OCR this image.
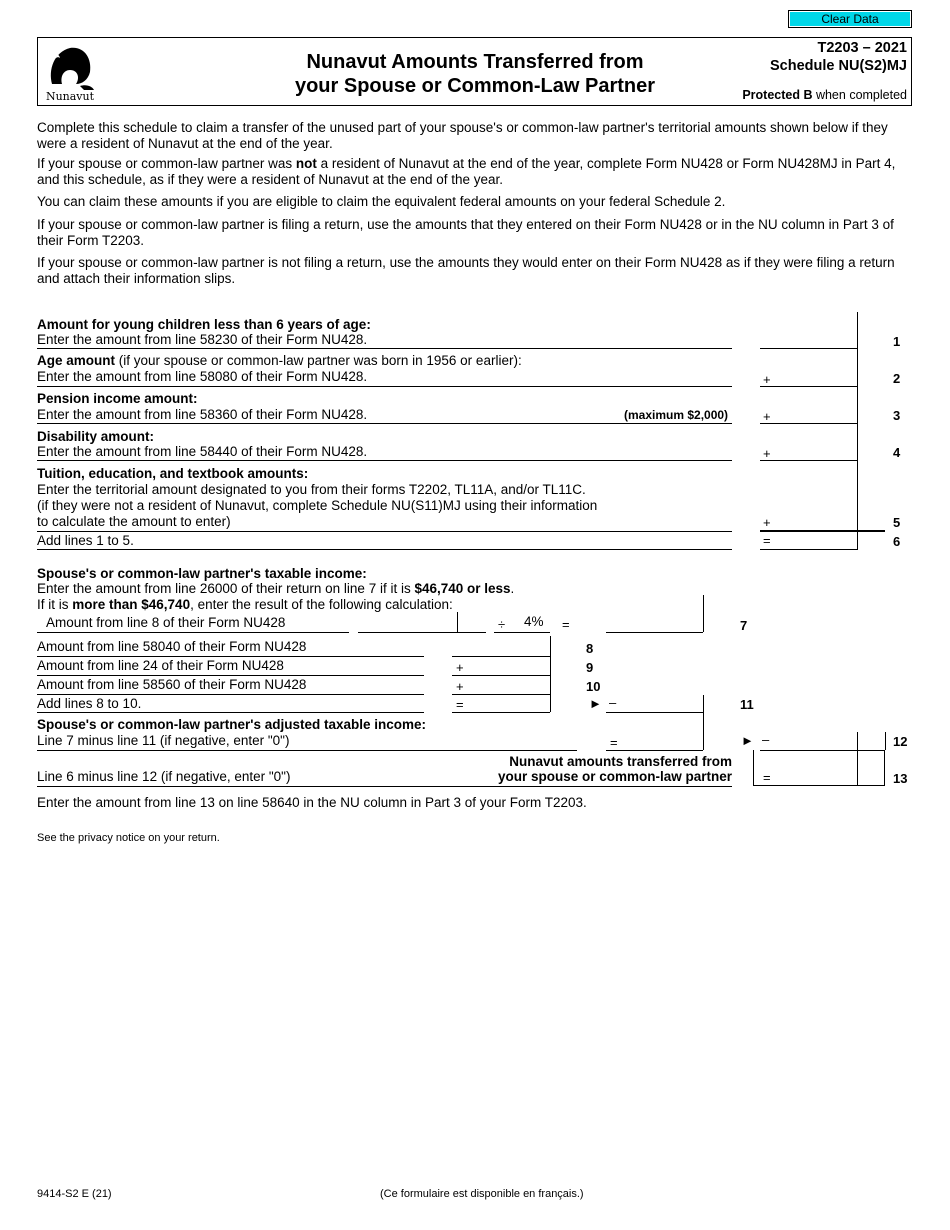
Clear Data
Nunavut
Nunavut Amounts Transferred from
your Spouse or Common-Law Partner
T2203 – 2021
Schedule NU(S2)MJ
Protected B when completed
Complete this schedule to claim a transfer of the unused part of your spouse's or common-law partner's territorial amounts shown below if they were a resident of Nunavut at the end of the year.
If your spouse or common-law partner was not a resident of Nunavut at the end of the year, complete Form NU428 or Form NU428MJ in Part 4, and this schedule, as if they were a resident of Nunavut at the end of the year.
You can claim these amounts if you are eligible to claim the equivalent federal amounts on your federal Schedule 2.
If your spouse or common-law partner is filing a return, use the amounts that they entered on their Form NU428 or in the NU column in Part 3 of their Form T2203.
If your spouse or common-law partner is not filing a return, use the amounts they would enter on their Form NU428 as if they were filing a return and attach their information slips.
Amount for young children less than 6 years of age:
Enter the amount from line 58230 of their Form NU428.	1
Age amount (if your spouse or common-law partner was born in 1956 or earlier):
Enter the amount from line 58080 of their Form NU428.	+	2
Pension income amount:
Enter the amount from line 58360 of their Form NU428.	(maximum $2,000)	+	3
Disability amount:
Enter the amount from line 58440 of their Form NU428.	+	4
Tuition, education, and textbook amounts:
Enter the territorial amount designated to you from their forms T2202, TL11A, and/or TL11C.
(if they were not a resident of Nunavut, complete Schedule NU(S11)MJ using their information
to calculate the amount to enter)	+	5
Add lines 1 to 5.	=	6
Spouse's or common-law partner's taxable income:
Enter the amount from line 26000 of their return on line 7 if it is $46,740 or less.
If it is more than $46,740, enter the result of the following calculation:
Amount from line 8 of their Form NU428	÷ 4% =	7
Amount from line 58040 of their Form NU428	8
Amount from line 24 of their Form NU428	+	9
Amount from line 58560 of their Form NU428	+	10
Add lines 8 to 10.	=	► –	11
Spouse's or common-law partner's adjusted taxable income:
Line 7 minus line 11 (if negative, enter "0")	=	► –	12
Line 6 minus line 12 (if negative, enter "0")
Nunavut amounts transferred from
your spouse or common-law partner =	13
Enter the amount from line 13 on line 58640 in the NU column in Part 3 of your Form T2203.
See the privacy notice on your return.
9414-S2 E (21)	(Ce formulaire est disponible en français.)
